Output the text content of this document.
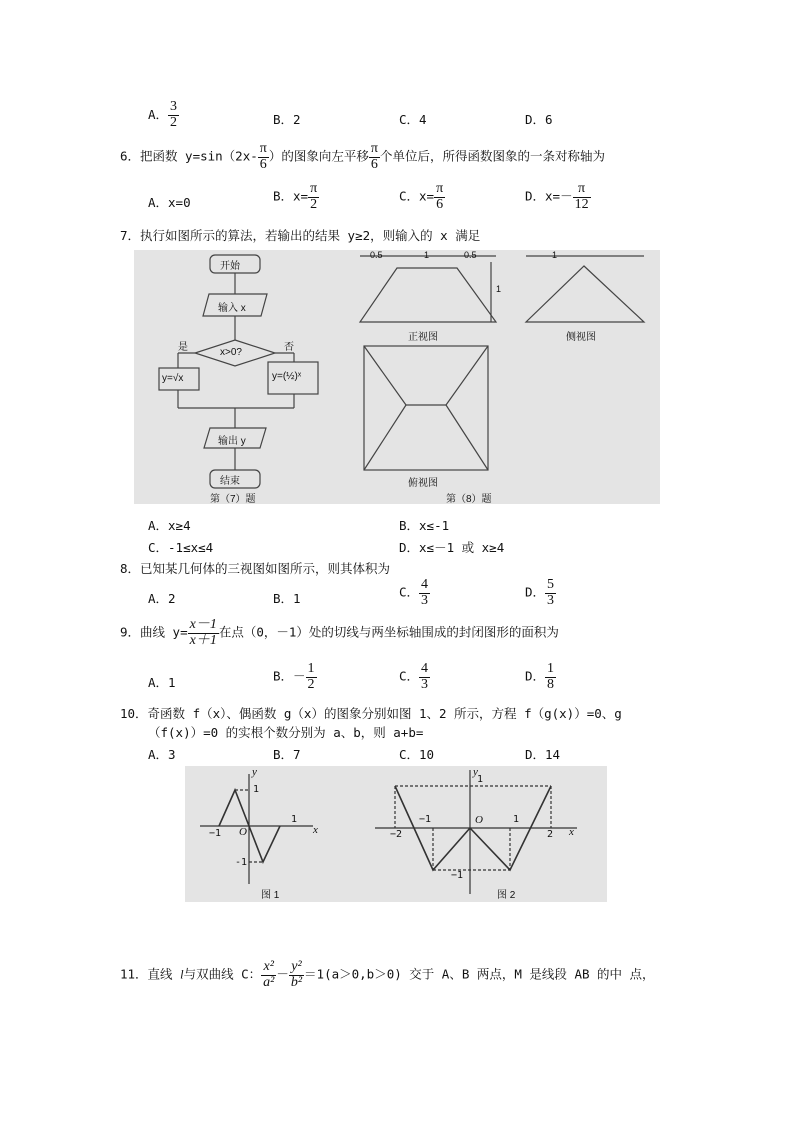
A． $\frac{3}{2}$	B．2	C．4	D．6
6．把函数 $y=\sin(2x- \frac{\pi}{6}$ ）的图象向左平移 $\frac{\pi}{6}$ 个单位后，所得函数图象的一条对称轴为
A．x=0	B．$x= \frac{\pi}{2}$	C．$x= \frac{\pi}{6}$	D．$x=- \frac{\pi}{12}$
7．执行如图所示的算法，若输出的结果 y≥2，则输入的 x 满足
开始
输入 x
x>0?
是	否
y=√x	y=(½)ˣ
输出 y
结束
第（7）题
0.5	1	0.5
1
1
正视图	侧视图
俯视图
第（8）题
A．x≥4	B．x≤-1
C．-1≤x≤4	D．x≤－1 或 x≥4
8．已知某几何体的三视图如图所示，则其体积为
A．2	B．1	C． $\frac{4}{3}$	D． $\frac{5}{3}$
9．曲线 $y= \frac{x-1}{x+1}$ 在点（0，－1）处的切线与两坐标轴围成的封闭图形的面积为
A．1	B．－ $\frac{1}{2}$	C． $\frac{4}{3}$	D． $\frac{1}{8}$
10．奇函数 f（x）、偶函数 g（x）的图象分别如图 1、2 所示，方程 f（g(x)）=0、g
（f(x)）=0 的实根个数分别为 a、b，则 a+b=
A．3	B．7	C．10	D．14
y
x
O
1
-1
1
−1
图 1
y
x
O
1
−1
−2
−1	1
2
图 2
11．直线 l与双曲线 C： $\frac{\text{x²}}{\text{a²}} - \frac{\text{y²}}{\text{b²}} =1(a>0,b>0)$ 交于 A、B 两点，M 是线段 AB 的中 点，
